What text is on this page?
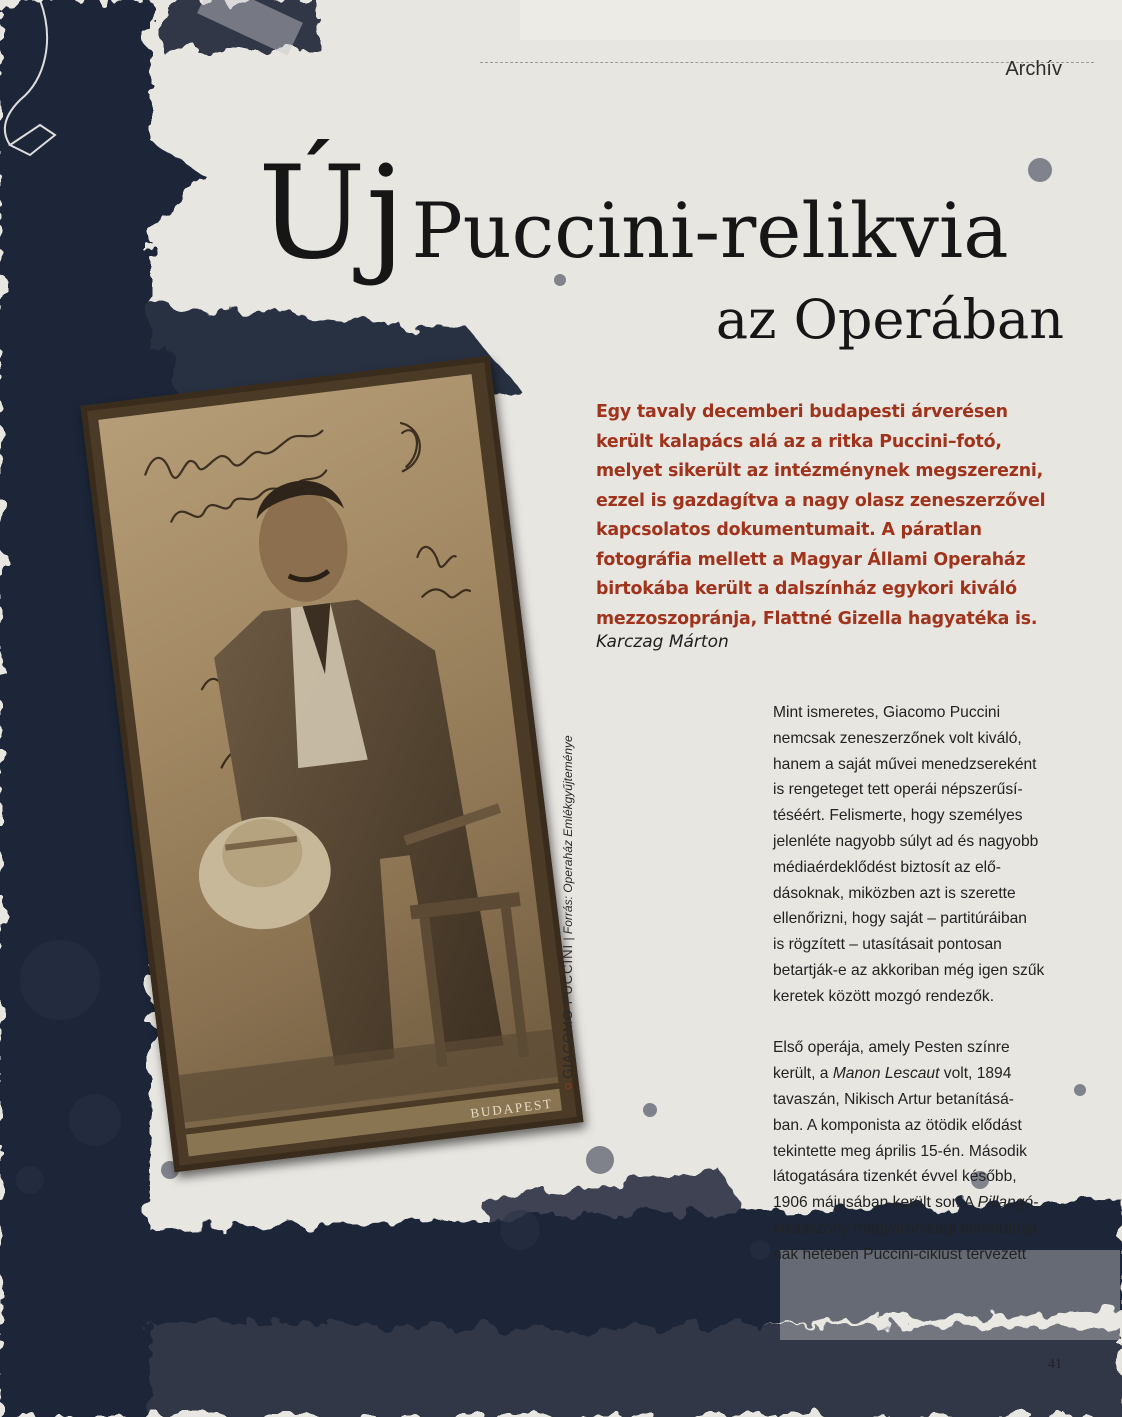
Archív
ÚjPuccini-relikvia
az Operában
BUDAPEST
○ GIACOMO PUCCINI | Forrás: Operaház Emlékgyűjteménye
Egy tavaly decemberi budapesti árverésen került kalapács alá az a ritka Puccini–fotó, melyet sikerült az intézménynek megszerezni, ezzel is gazdagítva a nagy olasz zeneszerzővel kapcsolatos dokumentumait. A páratlan fotográfia mellett a Magyar Állami Operaház birtokába került a dalszínház egykori kiváló mezzoszopránja, Flattné Gizella hagyatéka is.
Karczag Márton

Mint ismeretes, Giacomo Puccini
nemcsak zeneszerzőnek volt kiváló,
hanem a saját művei menedzsereként
is rengeteget tett operái népszerűsí-
téséért. Felismerte, hogy személyes
jelenléte nagyobb súlyt ad és nagyobb
médiaérdeklődést biztosít az elő-
dásoknak, miközben azt is szerette
ellenőrizni, hogy saját – partitúráiban
is rögzített – utasításait pontosan
betartják-e az akkoriban még igen szűk
keretek között mozgó rendezők.

Első operája, amely Pesten színre
került, a Manon Lescaut volt, 1894
tavaszán, Nikisch Artur betanításá-
ban. A komponista az ötödik elődást
tekintette meg április 15-én. Második
látogatására tizenkét évvel később,
1906 májusában került sor. A Pillangó-
kisasszony magyarországi bemutatójá-
nak hetében Puccini-ciklust tervezett

41
